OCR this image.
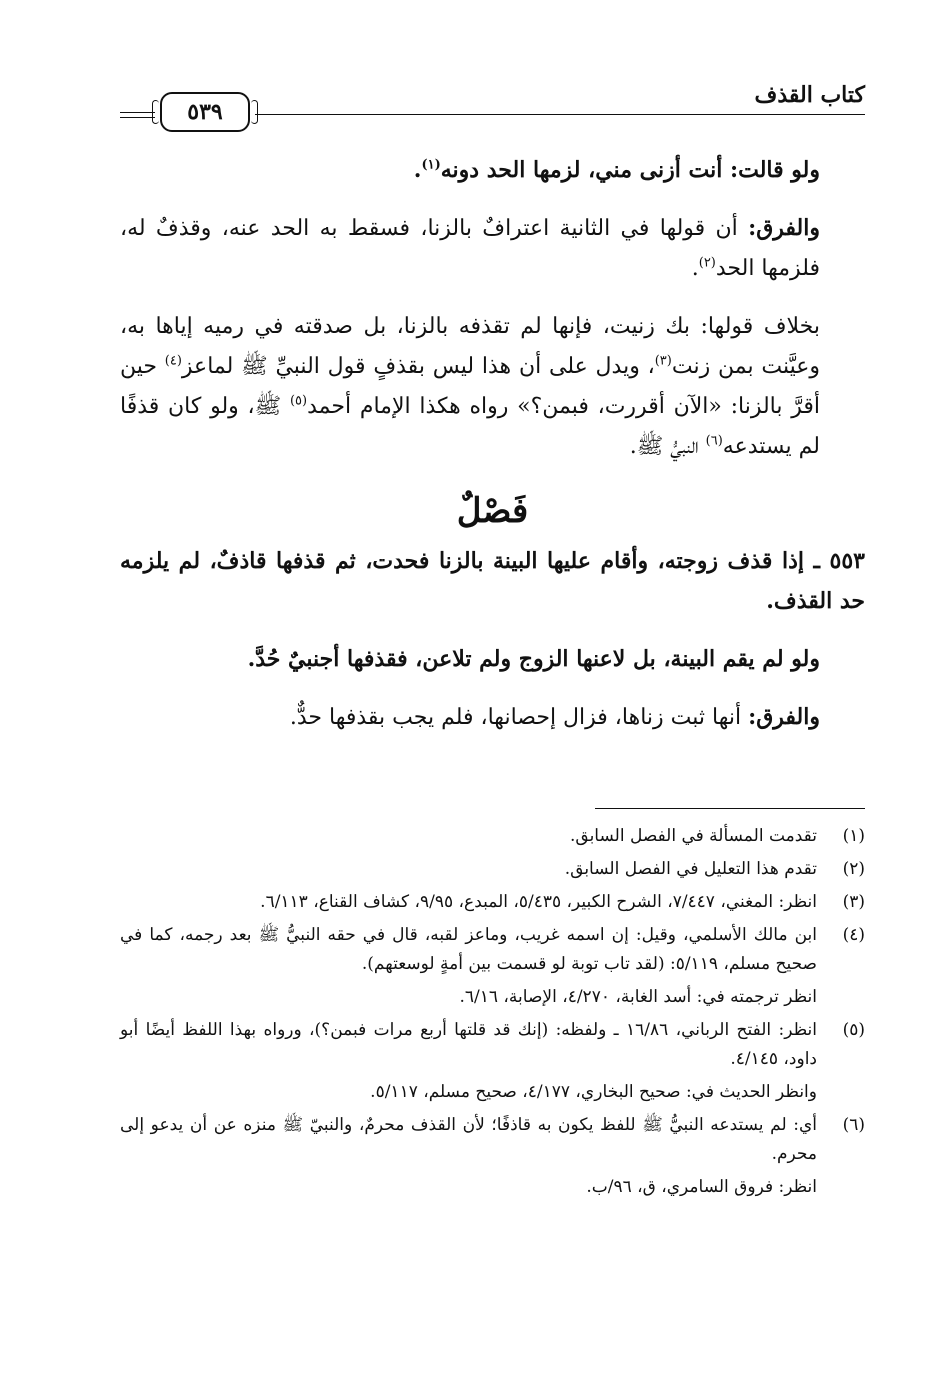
كتاب القذف
٥٣٩

ولو قالت: أنت أزنى مني، لزمها الحد دونه$^{(١)}$.

والفرق: أن قولها في الثانية اعترافٌ بالزنا، فسقط به الحد عنه، وقذفٌ له، فلزمها الحد$^{(٢)}$.

بخلاف قولها: بك زنيت، فإنها لم تقذفه بالزنا، بل صدقته في رميه إياها به، وعيَّنت بمن زنت$^{(٣)}$، ويدل على أن هذا ليس بقذفٍ قول النبيِّ ﷺ لماعز$^{(٤)}$ حين أقرَّ بالزنا: «الآن أقررت، فبمن؟» رواه هكذا الإمام أحمد$^{(٥)}$ ﷺ، ولو كان قذفًا لم يستدعه$^{(٦)}$ النبيُّ ﷺ.

فَصْلٌ

٥٥٣ ـ إذا قذف زوجته، وأقام عليها البينة بالزنا فحدت، ثم قذفها قاذفٌ، لم يلزمه حد القذف.

ولو لم يقم البينة، بل لاعنها الزوج ولم تلاعن، فقذفها أجنبيٌ حُدَّ.

والفرق: أنها ثبت زناها، فزال إحصانها، فلم يجب بقذفها حدٌّ.

(١)
تقدمت المسألة في الفصل السابق.
(٢)
تقدم هذا التعليل في الفصل السابق.
(٣)
انظر: المغني، ٧/٤٤٧، الشرح الكبير، ٥/٤٣٥، المبدع، ٩/٩٥، كشاف القناع، ٦/١١٣.
(٤)
ابن مالك الأسلمي، وقيل: إن اسمه غريب، وماعز لقبه، قال في حقه النبيُّ ﷺ بعد رجمه، كما في صحيح مسلم، ٥/١١٩: (لقد تاب توبة لو قسمت بين أمةٍ لوسعتهم).
انظر ترجمته في: أسد الغابة، ٤/٢٧٠، الإصابة، ٦/١٦.
(٥)
انظر: الفتح الرباني، ١٦/٨٦ ـ ولفظه: (إنك قد قلتها أربع مرات فبمن؟)، ورواه بهذا اللفظ أيضًا أبو داود، ٤/١٤٥.
وانظر الحديث في: صحيح البخاري، ٤/١٧٧، صحيح مسلم، ٥/١١٧.
(٦)
أي: لم يستدعه النبيُّ ﷺ للفظ يكون به قاذفًا؛ لأن القذف محرمٌ، والنبيّ ﷺ منزه عن أن يدعو إلى محرم.
انظر: فروق السامري، ق، ٩٦/ب.
